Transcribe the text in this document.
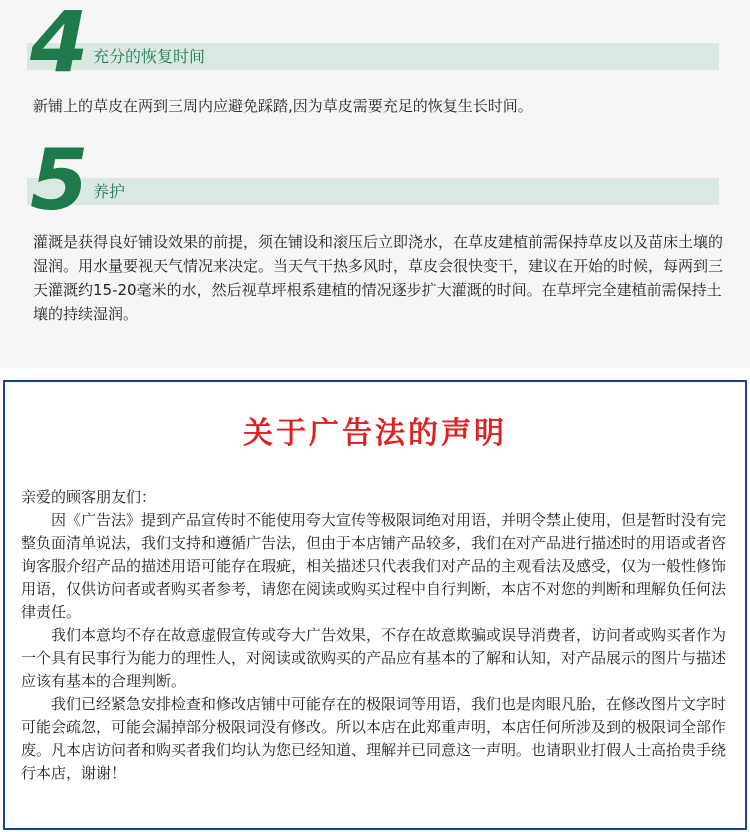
4 充分的恢复时间
新铺上的草皮在两到三周内应避免踩踏,因为草皮需要充足的恢复生长时间。
5 养护
灌溉是获得良好铺设效果的前提，须在铺设和滚压后立即浇水，在草皮建植前需保持草皮以及苗床土壤的湿润。用水量要视天气情况来决定。当天气干热多风时，草皮会很快变干，建议在开始的时候，每两到三天灌溉约15-20毫米的水，然后视草坪根系建植的情况逐步扩大灌溉的时间。在草坪完全建植前需保持土壤的持续湿润。
关于广告法的声明

亲爱的顾客朋友们：

因《广告法》提到产品宣传时不能使用夸大宣传等极限词绝对用语，并明令禁止使用，但是暂时没有完整负面清单说法，我们支持和遵循广告法，但由于本店铺产品较多，我们在对产品进行描述时的用语或者咨询客服介绍产品的描述用语可能存在瑕疵，相关描述只代表我们对产品的主观看法及感受，仅为一般性修饰用语，仅供访问者或者购买者参考，请您在阅读或购买过程中自行判断，本店不对您的判断和理解负任何法律责任。

我们本意均不存在故意虚假宣传或夸大广告效果，不存在故意欺骗或误导消费者，访问者或购买者作为一个具有民事行为能力的理性人，对阅读或欲购买的产品应有基本的了解和认知，对产品展示的图片与描述应该有基本的合理判断。

我们已经紧急安排检查和修改店铺中可能存在的极限词等用语，我们也是肉眼凡胎，在修改图片文字时可能会疏忽，可能会漏掉部分极限词没有修改。所以本店在此郑重声明，本店任何所涉及到的极限词全部作废。凡本店访问者和购买者我们均认为您已经知道、理解并已同意这一声明。也请职业打假人士高抬贵手绕行本店，谢谢！
